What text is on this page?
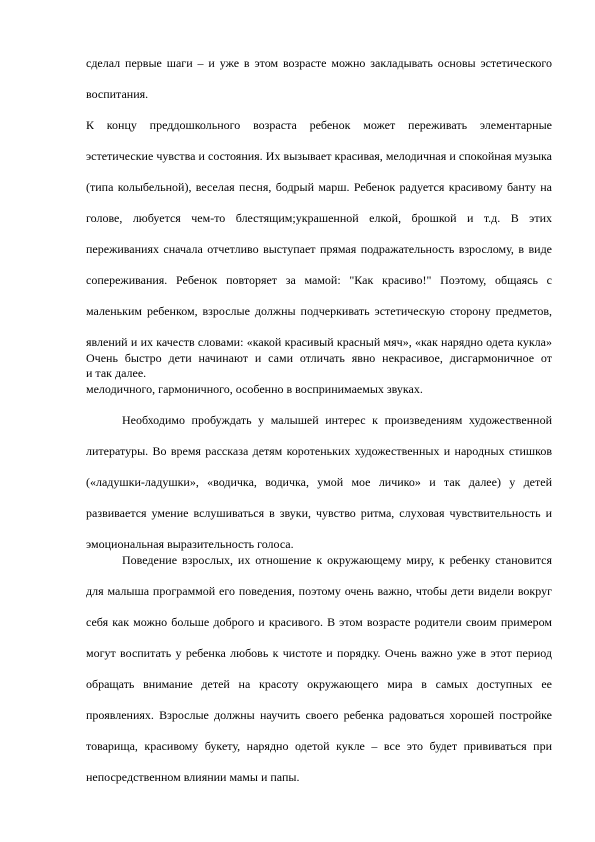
сделал первые шаги – и уже в этом возрасте можно закладывать основы эстетического воспитания.

К концу преддошкольного возраста ребенок может переживать элементарные эстетические чувства и состояния. Их вызывает красивая, мелодичная и спокойная музыка (типа колыбельной), веселая песня, бодрый марш. Ребенок радуется красивому банту на голове, любуется чем-то блестящим;украшенной елкой, брошкой и т.д. В этих переживаниях сначала отчетливо выступает прямая подражательность взрослому, в виде сопереживания. Ребенок повторяет за мамой: "Как красиво!" Поэтому, общаясь с маленьким ребенком, взрослые должны подчеркивать эстетическую сторону предметов, явлений и их качеств словами: «какой красивый красный мяч», «как нарядно одета кукла» и так далее.

Очень быстро дети начинают и сами отличать явно некрасивое, дисгармоничное от мелодичного, гармоничного, особенно в воспринимаемых звуках.

Необходимо пробуждать у малышей интерес к произведениям художественной литературы. Во время рассказа детям коротеньких художественных и народных стишков («ладушки-ладушки», «водичка, водичка, умой мое личико» и так далее) у детей развивается умение вслушиваться в звуки, чувство ритма, слуховая чувствительность и эмоциональная выразительность голоса.

Поведение взрослых, их отношение к окружающему миру, к ребенку становится для малыша программой его поведения, поэтому очень важно, чтобы дети видели вокруг себя как можно больше доброго и красивого. В этом возрасте родители своим примером могут воспитать у ребенка любовь к чистоте и порядку. Очень важно уже в этот период обращать внимание детей на красоту окружающего мира в самых доступных ее проявлениях. Взрослые должны научить своего ребенка радоваться хорошей постройке товарища, красивому букету, нарядно одетой кукле – все это будет прививаться при непосредственном влиянии мамы и папы.
